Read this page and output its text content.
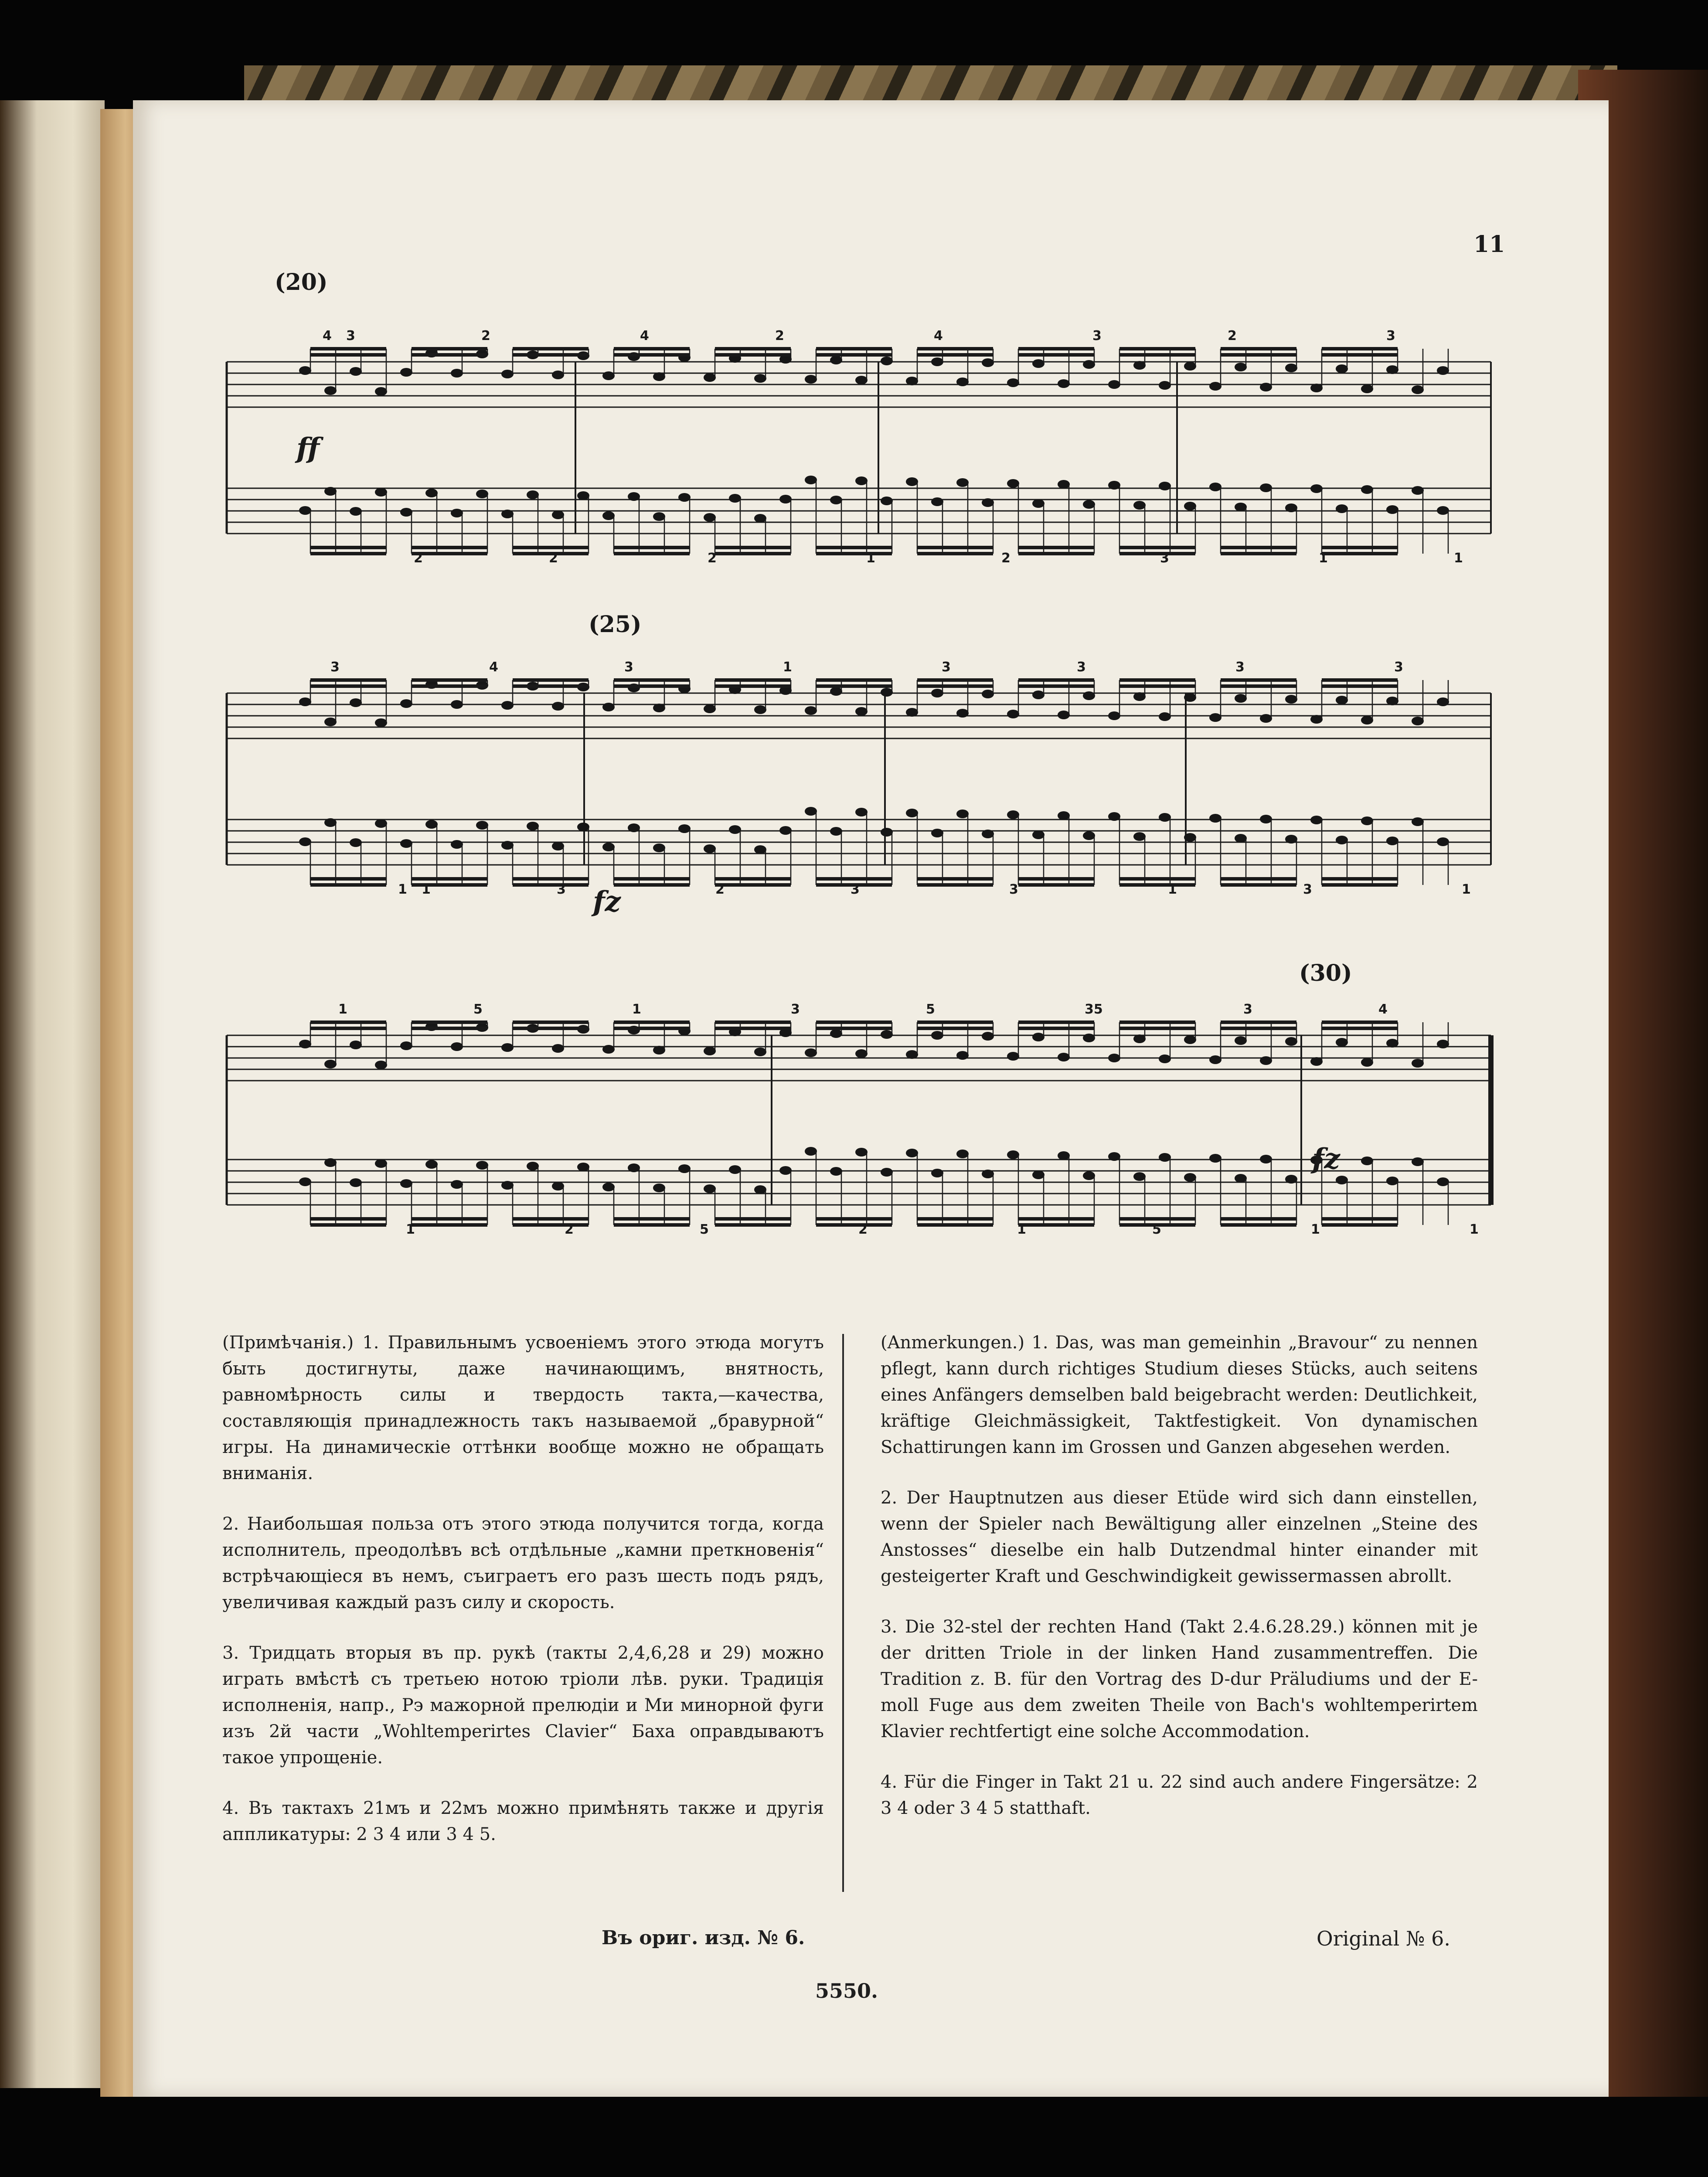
11
(20)
(25)
(30)
ff
fz
fz
4
1
5
2
3
5
2
3
5
2
3
5
2
3
4
1
3
1
2
3
1
2
1
2
4
3
35
3
3
1
3
1
1
2
4
2
4
2
3
1
3
1
3
1
3
1
3
1
3
1

(Примѣчанія.) 1. Правильнымъ усвоеніемъ этого этюда могутъ быть достигнуты, даже начинающимъ, внятность, равномѣрность силы и твердость такта,—качества, составляющія принадлежность такъ называемой „бравурной“ игры. На динамическіе оттѣнки вообще можно не обращать вниманія.

2. Наибольшая польза отъ этого этюда получится тогда, когда исполнитель, преодолѣвъ всѣ отдѣльные „камни преткновенія“ встрѣчающіеся въ немъ, съиграетъ его разъ шесть подъ рядъ, увеличивая каждый разъ силу и скорость.

3. Тридцать вторыя въ пр. рукѣ (такты 2,4,6,28 и 29) можно играть вмѣстѣ съ третьею нотою тріоли лѣв. руки. Традиція исполненія, напр., Рэ мажорной прелюдіи и Ми минорной фуги изъ 2й части „Wohltemperirtes Clavier“ Баха оправдываютъ такое упрощеніе.

4. Въ тактахъ 21мъ и 22мъ можно примѣнять также и другія аппликатуры: 2 3 4 или 3 4 5.

(Anmerkungen.) 1. Das, was man gemeinhin „Bravour“ zu nennen pflegt, kann durch richtiges Studium dieses Stücks, auch seitens eines Anfängers demselben bald beigebracht werden: Deutlichkeit, kräftige Gleichmässigkeit, Taktfestigkeit. Von dynamischen Schattirungen kann im Grossen und Ganzen abgesehen werden.

2. Der Hauptnutzen aus dieser Etüde wird sich dann einstellen, wenn der Spieler nach Bewältigung aller einzelnen „Steine des Anstosses“ dieselbe ein halb Dutzendmal hinter einander mit gesteigerter Kraft und Geschwindigkeit gewissermassen abrollt.

3. Die 32-stel der rechten Hand (Takt 2.4.6.28.29.) können mit je der dritten Triole in der linken Hand zusammentreffen. Die Tradition z. B. für den Vortrag des D-dur Präludiums und der E-moll Fuge aus dem zweiten Theile von Bach's wohltemperirtem Klavier rechtfertigt eine solche Accommodation.

4. Für die Finger in Takt 21 u. 22 sind auch andere Fingersätze: 2 3 4 oder 3 4 5 statthaft.

Въ ориг. изд. № 6.	Original № 6.
5550.
